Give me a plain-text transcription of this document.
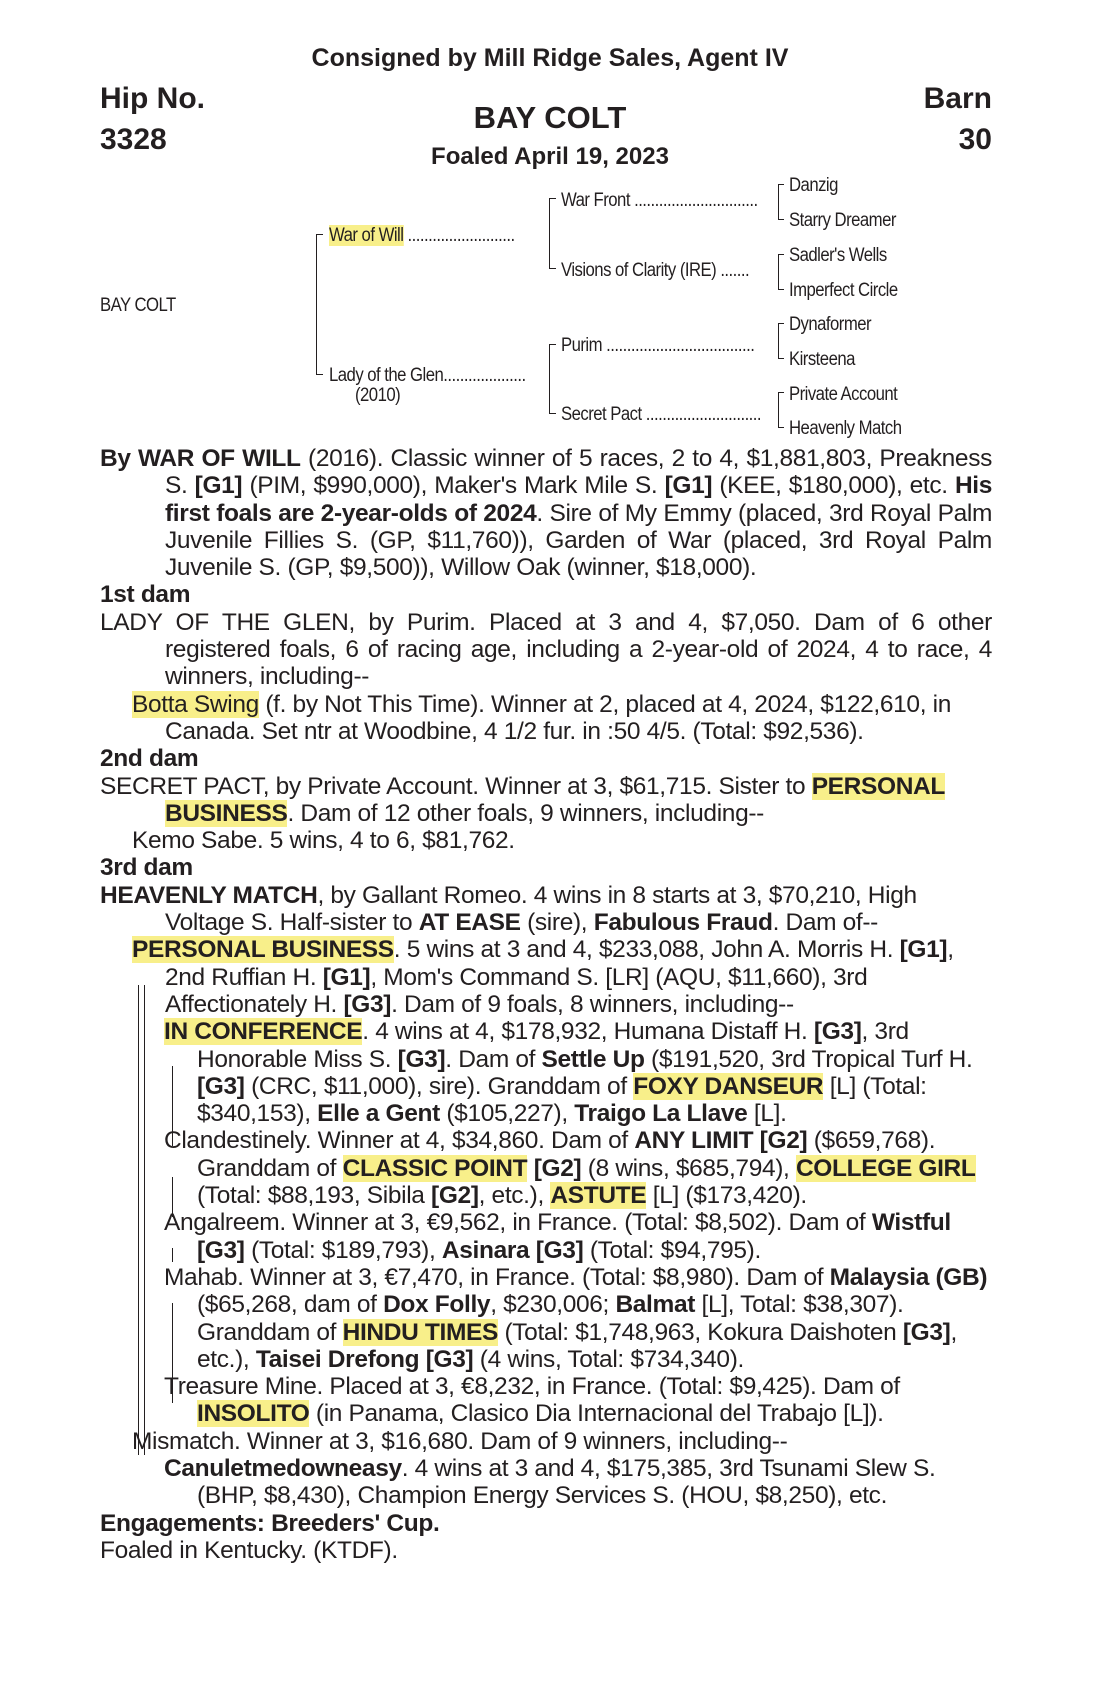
Consigned by Mill Ridge Sales, Agent IV
Hip No.
3328
Barn
30
BAY COLT
Foaled April 19, 2023
BAY COLT
War of Will ..........................
Lady of the Glen....................
(2010)
War Front ..............................
Visions of Clarity (IRE) .......
Purim ....................................
Secret Pact ............................
Danzig
Starry Dreamer
Sadler's Wells
Imperfect Circle
Dynaformer
Kirsteena
Private Account
Heavenly Match

By WAR OF WILL (2016). Classic winner of 5 races, 2 to 4, $1,881,803, Preakness S. [G1] (PIM, $990,000), Maker's Mark Mile S. [G1] (KEE, $180,000), etc. His first foals are 2-year-olds of 2024. Sire of My Emmy (placed, 3rd Royal Palm Juvenile Fillies S. (GP, $11,760)), Garden of War (placed, 3rd Royal Palm Juvenile S. (GP, $9,500)), Willow Oak (winner, $18,000).

1st dam

LADY OF THE GLEN, by Purim. Placed at 3 and 4, $7,050. Dam of 6 other registered foals, 6 of racing age, including a 2-year-old of 2024, 4 to race, 4 winners, including--

Botta Swing (f. by Not This Time). Winner at 2, placed at 4, 2024, $122,610, in Canada. Set ntr at Woodbine, 4 1/2 fur. in :50 4/5. (Total: $92,536).

2nd dam

SECRET PACT, by Private Account. Winner at 3, $61,715. Sister to PERSONAL BUSINESS. Dam of 12 other foals, 9 winners, including--

Kemo Sabe. 5 wins, 4 to 6, $81,762.

3rd dam

HEAVENLY MATCH, by Gallant Romeo. 4 wins in 8 starts at 3, $70,210, High Voltage S. Half-sister to AT EASE (sire), Fabulous Fraud. Dam of--

PERSONAL BUSINESS. 5 wins at 3 and 4, $233,088, John A. Morris H. [G1], 2nd Ruffian H. [G1], Mom's Command S. [LR] (AQU, $11,660), 3rd Affectionately H. [G3]. Dam of 9 foals, 8 winners, including--

IN CONFERENCE. 4 wins at 4, $178,932, Humana Distaff H. [G3], 3rd Honorable Miss S. [G3]. Dam of Settle Up ($191,520, 3rd Tropical Turf H. [G3] (CRC, $11,000), sire). Granddam of FOXY DANSEUR [L] (Total: $340,153), Elle a Gent ($105,227), Traigo La Llave [L].

Clandestinely. Winner at 4, $34,860. Dam of ANY LIMIT [G2] ($659,768). Granddam of CLASSIC POINT [G2] (8 wins, $685,794), COLLEGE GIRL (Total: $88,193, Sibila [G2], etc.), ASTUTE [L] ($173,420).

Angalreem. Winner at 3, €9,562, in France. (Total: $8,502). Dam of Wistful [G3] (Total: $189,793), Asinara [G3] (Total: $94,795).

Mahab. Winner at 3, €7,470, in France. (Total: $8,980). Dam of Malaysia (GB) ($65,268, dam of Dox Folly, $230,006; Balmat [L], Total: $38,307). Granddam of HINDU TIMES (Total: $1,748,963, Kokura Daishoten [G3], etc.), Taisei Drefong [G3] (4 wins, Total: $734,340).

Treasure Mine. Placed at 3, €8,232, in France. (Total: $9,425). Dam of INSOLITO (in Panama, Clasico Dia Internacional del Trabajo [L]).

Mismatch. Winner at 3, $16,680. Dam of 9 winners, including--

Canuletmedowneasy. 4 wins at 3 and 4, $175,385, 3rd Tsunami Slew S. (BHP, $8,430), Champion Energy Services S. (HOU, $8,250), etc.

Engagements: Breeders' Cup.

Foaled in Kentucky. (KTDF).
